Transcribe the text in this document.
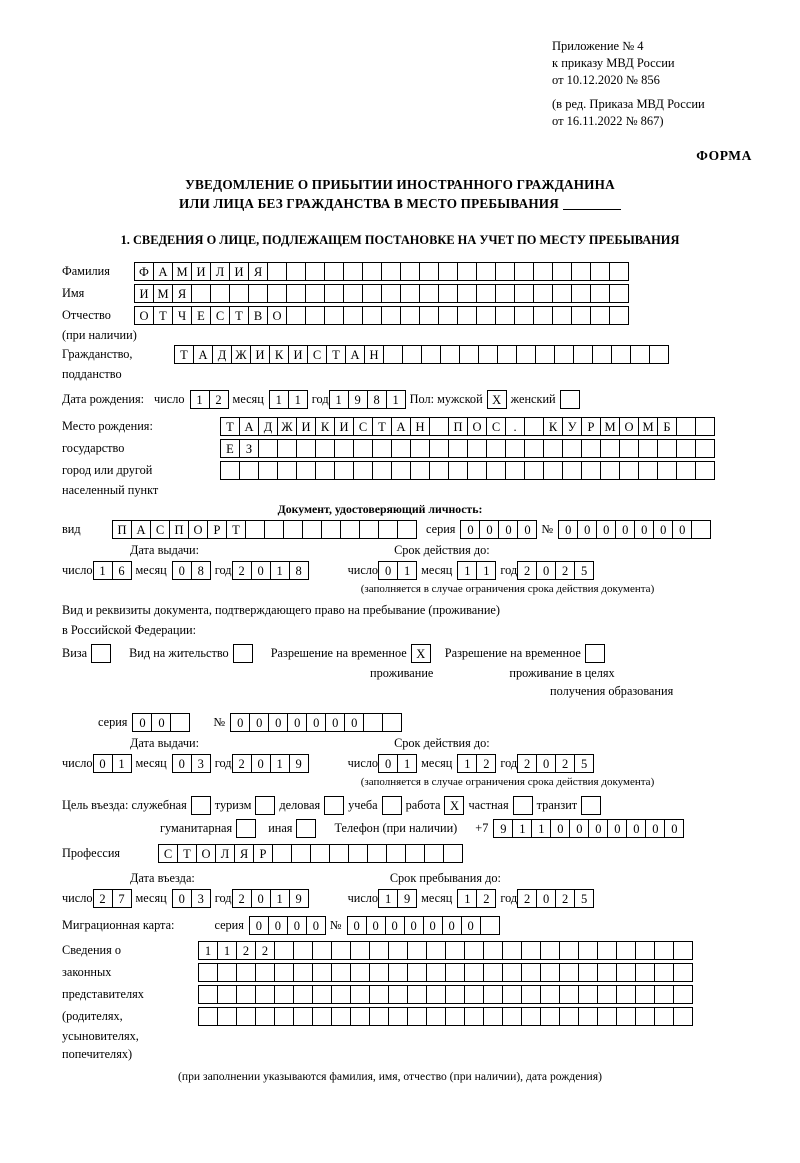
Приложение № 4
к приказу МВД России
от 10.12.2020 № 856
(в ред. Приказа МВД России
от 16.11.2022 № 867)
ФОРМА
УВЕДОМЛЕНИЕ О ПРИБЫТИИ ИНОСТРАННОГО ГРАЖДАНИНА
ИЛИ ЛИЦА БЕЗ ГРАЖДАНСТВА В МЕСТО ПРЕБЫВАНИЯ
1. СВЕДЕНИЯ О ЛИЦЕ, ПОДЛЕЖАЩЕМ ПОСТАНОВКЕ НА УЧЕТ ПО МЕСТУ ПРЕБЫВАНИЯ
Фамилия	Ф А М И Л И Я
Имя	И М Я
Отчество	О Т Ч Е С Т В О
(при наличии)
Гражданство,	Т А Д Ж И К И С Т А Н
подданство
Дата рождения: число 1	2 месяц 1	1 год 1	9	8	1 Пол: мужской Х женский
Место рождения:	Т А Д Ж И К И С Т А Н	П О С	.	К У Р М О М Б
государство	Е З
город или другой
населенный пункт
Документ, удостоверяющий личность:
вид	П А С П О Р Т	серия 0	0	0	0 № 0	0	0	0	0	0	0
Дата выдачи:	Срок действия до:
число 1	6 месяц 0	8 год 2	0	1	8	число 0	1 месяц 1	1 год 2	0	2	5
(заполняется в случае ограничения срока действия документа)
Вид и реквизиты документа, подтверждающего право на пребывание (проживание)
в Российской Федерации:
Виза	Вид на жительство	Разрешение на временное Х	Разрешение на временное
проживание	проживание в целях
получения образования
серия 0	0	№ 0	0	0	0	0	0	0
Дата выдачи:	Срок действия до:
число 0	1 месяц 0	3 год 2	0	1	9	число 0	1 месяц 1	2 год 2	0	2	5
(заполняется в случае ограничения срока действия документа)
Цель въезда: служебная туризм деловая учеба работа Х частная транзит
гуманитарная	иная	Телефон (при наличии)	+7 9	1	1	0	0	0	0	0	0	0
Профессия	С Т О Л Я Р
Дата въезда:	Срок пребывания до:
число 2	7 месяц 0	3 год 2	0	1	9	число 1	9 месяц 1	2 год 2	0	2	5
Миграционная карта:	серия 0	0	0	0 № 0	0	0	0	0	0	0
Сведения о	1	1	2	2
законных
представителях
(родителях,
усыновителях,
попечителях)
(при заполнении указываются фамилия, имя, отчество (при наличии), дата рождения)
